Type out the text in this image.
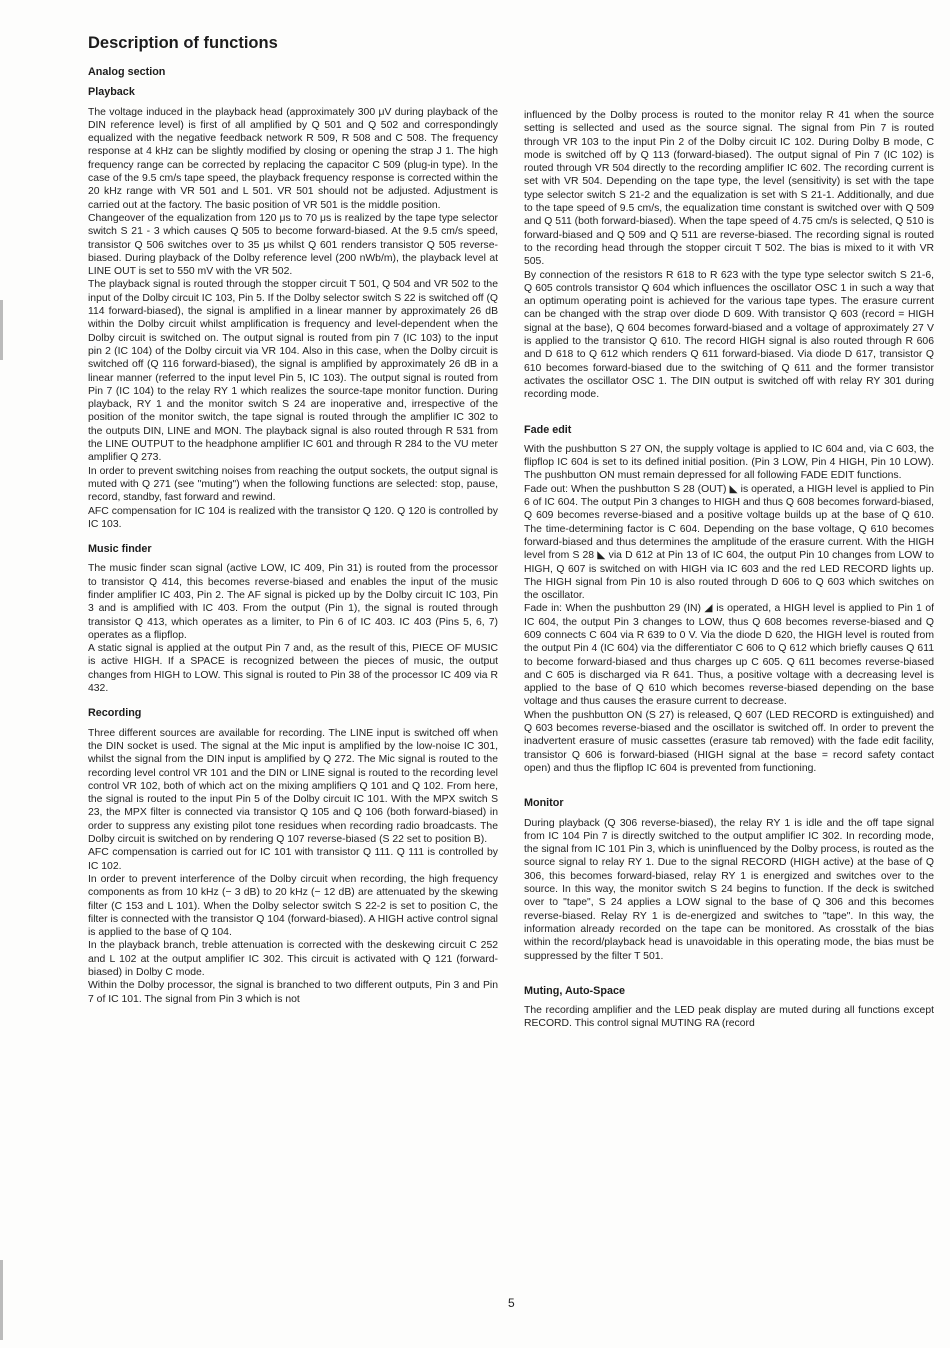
Description of functions
Analog section
Playback

The voltage induced in the playback head (approximately 300 μV during playback of the DIN reference level) is first of all amplified by Q 501 and Q 502 and correspondingly equalized with the negative feedback network R 509, R 508 and C 508. The frequency response at 4 kHz can be slightly modified by closing or opening the strap J 1. The high frequency range can be corrected by replacing the capacitor C 509 (plug-in type). In the case of the 9.5 cm/s tape speed, the playback frequency response is corrected within the 20 kHz range with VR 501 and L 501. VR 501 should not be adjusted. Adjustment is carried out at the factory. The basic position of VR 501 is the middle position.

Changeover of the equalization from 120 μs to 70 μs is realized by the tape type selector switch S 21 - 3 which causes Q 505 to become forward-biased. At the 9.5 cm/s speed, transistor Q 506 switches over to 35 μs whilst Q 601 renders transistor Q 505 reverse-biased. During playback of the Dolby reference level (200 nWb/m), the playback level at LINE OUT is set to 550 mV with the VR 502.

The playback signal is routed through the stopper circuit T 501, Q 504 and VR 502 to the input of the Dolby circuit IC 103, Pin 5. If the Dolby selector switch S 22 is switched off (Q 114 forward-biased), the signal is amplified in a linear manner by approximately 26 dB within the Dolby circuit whilst amplification is frequency and level-dependent when the Dolby circuit is switched on. The output signal is routed from pin 7 (IC 103) to the input pin 2 (IC 104) of the Dolby circuit via VR 104. Also in this case, when the Dolby circuit is switched off (Q 116 forward-biased), the signal is amplified by approximately 26 dB in a linear manner (referred to the input level Pin 5, IC 103). The output signal is routed from Pin 7 (IC 104) to the relay RY 1 which realizes the source-tape monitor function. During playback, RY 1 and the monitor switch S 24 are inoperative and, irrespective of the position of the monitor switch, the tape signal is routed through the amplifier IC 302 to the outputs DIN, LINE and MON. The playback signal is also routed through R 531 from the LINE OUTPUT to the headphone amplifier IC 601 and through R 284 to the VU meter amplifier Q 273.

In order to prevent switching noises from reaching the output sockets, the output signal is muted with Q 271 (see "muting") when the following functions are selected: stop, pause, record, standby, fast forward and rewind.

AFC compensation for IC 104 is realized with the transistor Q 120. Q 120 is controlled by IC 103.

Music finder

The music finder scan signal (active LOW, IC 409, Pin 31) is routed from the processor to transistor Q 414, this becomes reverse-biased and enables the input of the music finder amplifier IC 403, Pin 2. The AF signal is picked up by the Dolby circuit IC 103, Pin 3 and is amplified with IC 403. From the output (Pin 1), the signal is routed through transistor Q 413, which operates as a limiter, to Pin 6 of IC 403. IC 403 (Pins 5, 6, 7) operates as a flipflop.

A static signal is applied at the output Pin 7 and, as the result of this, PIECE OF MUSIC is active HIGH. If a SPACE is recognized between the pieces of music, the output changes from HIGH to LOW. This signal is routed to Pin 38 of the processor IC 409 via R 432.

Recording

Three different sources are available for recording. The LINE input is switched off when the DIN socket is used. The signal at the Mic input is amplified by the low-noise IC 301, whilst the signal from the DIN input is amplified by Q 272. The Mic signal is routed to the recording level control VR 101 and the DIN or LINE signal is routed to the recording level control VR 102, both of which act on the mixing amplifiers Q 101 and Q 102. From here, the signal is routed to the input Pin 5 of the Dolby circuit IC 101. With the MPX switch S 23, the MPX filter is connected via transistor Q 105 and Q 106 (both forward-biased) in order to suppress any existing pilot tone residues when recording radio broadcasts. The Dolby circuit is switched on by rendering Q 107 reverse-biased (S 22 set to position B).

AFC compensation is carried out for IC 101 with transistor Q 111. Q 111 is controlled by IC 102.

In order to prevent interference of the Dolby circuit when recording, the high frequency components as from 10 kHz (− 3 dB) to 20 kHz (− 12 dB) are attenuated by the skewing filter (C 153 and L 101). When the Dolby selector switch S 22-2 is set to position C, the filter is connected with the transistor Q 104 (forward-biased). A HIGH active control signal is applied to the base of Q 104.

In the playback branch, treble attenuation is corrected with the deskewing circuit C 252 and L 102 at the output amplifier IC 302. This circuit is activated with Q 121 (forward-biased) in Dolby C mode.

Within the Dolby processor, the signal is branched to two different outputs, Pin 3 and Pin 7 of IC 101. The signal from Pin 3 which is not

influenced by the Dolby process is routed to the monitor relay R 41 when the source setting is sellected and used as the source signal. The signal from Pin 7 is routed through VR 103 to the input Pin 2 of the Dolby circuit IC 102. During Dolby B mode, C mode is switched off by Q 113 (forward-biased). The output signal of Pin 7 (IC 102) is routed through VR 504 directly to the recording amplifier IC 602. The recording current is set with VR 504. Depending on the tape type, the level (sensitivity) is set with the tape type selector switch S 21-2 and the equalization is set with S 21-1. Additionally, and due to the tape speed of 9.5 cm/s, the equalization time constant is switched over with Q 509 and Q 511 (both forward-biased). When the tape speed of 4.75 cm/s is selected, Q 510 is forward-biased and Q 509 and Q 511 are reverse-biased. The recording signal is routed to the recording head through the stopper circuit T 502. The bias is mixed to it with VR 505.

By connection of the resistors R 618 to R 623 with the type type selector switch S 21-6, Q 605 controls transistor Q 604 which influences the oscillator OSC 1 in such a way that an optimum operating point is achieved for the various tape types. The erasure current can be changed with the strap over diode D 609. With transistor Q 603 (record = HIGH signal at the base), Q 604 becomes forward-biased and a voltage of approximately 27 V is applied to the transistor Q 610. The record HIGH signal is also routed through R 606 and D 618 to Q 612 which renders Q 611 forward-biased. Via diode D 617, transistor Q 610 becomes forward-biased due to the switching of Q 611 and the former transistor activates the oscillator OSC 1. The DIN output is switched off with relay RY 301 during recording mode.

Fade edit

With the pushbutton S 27 ON, the supply voltage is applied to IC 604 and, via C 603, the flipflop IC 604 is set to its defined initial position. (Pin 3 LOW, Pin 4 HIGH, Pin 10 LOW). The pushbutton ON must remain depressed for all following FADE EDIT functions.

Fade out: When the pushbutton S 28 (OUT) ◣ is operated, a HIGH level is applied to Pin 6 of IC 604. The output Pin 3 changes to HIGH and thus Q 608 becomes forward-biased, Q 609 becomes reverse-biased and a positive voltage builds up at the base of Q 610. The time-determining factor is C 604. Depending on the base voltage, Q 610 becomes forward-biased and thus determines the amplitude of the erasure current. With the HIGH level from S 28 ◣ via D 612 at Pin 13 of IC 604, the output Pin 10 changes from LOW to HIGH, Q 607 is switched on with HIGH via IC 603 and the red LED RECORD lights up. The HIGH signal from Pin 10 is also routed through D 606 to Q 603 which switches on the oscillator.

Fade in: When the pushbutton 29 (IN) ◢ is operated, a HIGH level is applied to Pin 1 of IC 604, the output Pin 3 changes to LOW, thus Q 608 becomes reverse-biased and Q 609 connects C 604 via R 639 to 0 V. Via the diode D 620, the HIGH level is routed from the output Pin 4 (IC 604) via the differentiator C 606 to Q 612 which briefly causes Q 611 to become forward-biased and thus charges up C 605. Q 611 becomes reverse-biased and C 605 is discharged via R 641. Thus, a positive voltage with a decreasing level is applied to the base of Q 610 which becomes reverse-biased depending on the base voltage and thus causes the erasure current to decrease.

When the pushbutton ON (S 27) is released, Q 607 (LED RECORD is extinguished) and Q 603 becomes reverse-biased and the oscillator is switched off. In order to prevent the inadvertent erasure of music cassettes (erasure tab removed) with the fade edit facility, transistor Q 606 is forward-biased (HIGH signal at the base = record safety contact open) and thus the flipflop IC 604 is prevented from functioning.

Monitor

During playback (Q 306 reverse-biased), the relay RY 1 is idle and the off tape signal from IC 104 Pin 7 is directly switched to the output amplifier IC 302. In recording mode, the signal from IC 101 Pin 3, which is uninfluenced by the Dolby process, is routed as the source signal to relay RY 1. Due to the signal RECORD (HIGH active) at the base of Q 306, this becomes forward-biased, relay RY 1 is energized and switches over to the source. In this way, the monitor switch S 24 begins to function. If the deck is switched over to "tape", S 24 applies a LOW signal to the base of Q 306 and this becomes reverse-biased. Relay RY 1 is de-energized and switches to "tape". In this way, the information already recorded on the tape can be monitored. As crosstalk of the bias within the record/playback head is unavoidable in this operating mode, the bias must be suppressed by the filter T 501.

Muting, Auto-Space

The recording amplifier and the LED peak display are muted during all functions except RECORD. This control signal MUTING RA (record

5
